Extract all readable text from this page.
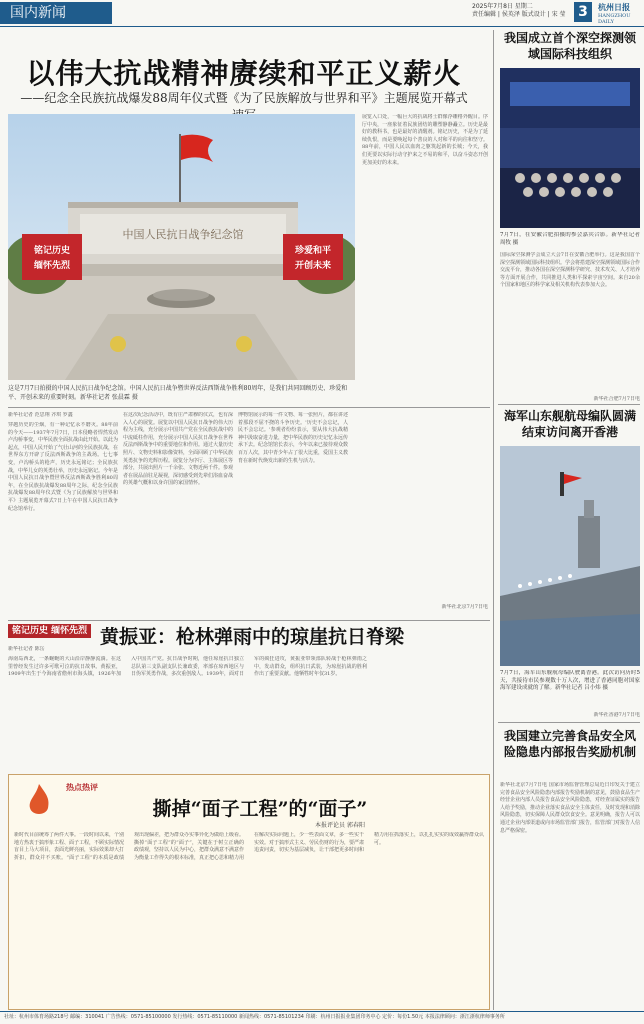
国内新闻	2025年7月8日 星期二
责任编辑 | 侯英泽 版式设计 | 宋 莹 3	杭州日报
HANGZHOU DAILY
以伟大抗战精神赓续和平正义薪火
——纪念全民族抗战爆发88周年仪式暨《为了民族解放与世界和平》主题展览开幕式
中国人民抗日战争纪念馆
铭记历史
缅怀先烈
珍爱和平
开创未来
这是7月7日拍摄的中国人民抗日战争纪念馆。中国人民抗日战争暨世界反法西斯战争胜利80周年，是我们共同回顾历史、珍爱和平、开创未来的重要时刻。新华社记者 张晨霖 摄
新华社记者 范思翔 齐琪 罗鑫
穿越历史的尘烟，有一种记忆永不磨灭。88年前的今天——1937年7月7日，日本侵略者悍然发动卢沟桥事变，中华民族全面抗战由此开始。以此为起点，中国人民开始了气壮山河的全民族抗战，在世界东方开辟了反法西斯战争的主战场。七七事变，卢沟桥头的枪声，历史永远铭记；全民族抗战，中华儿女的英勇壮举，历史永远铭记。今年是中国人民抗日战争暨世界反法西斯战争胜利80周年，在全民族抗战爆发88周年之际，纪念全民族抗战爆发88周年仪式暨《为了民族解放与世界和平》主题展览开幕式7日上午在中国人民抗日战争纪念馆举行。
在这次纪念活动中，既有庄严肃穆的仪式，也有深入人心的展览。展览以中国人民抗日战争的伟大历程为主线，充分展示中国共产党在全民族抗战中的中流砥柱作用，充分展示中国人民抗日战争在世界反法西斯战争中的重要地位和作用。通过大量历史照片、文物史料和影像资料，全面回顾了中华民族英勇抗争的光辉历程。展览分为序厅、主体展区等部分，共展出照片一千余张、文物近两千件。参观者在展品前驻足凝视，深切感受到先辈们浴血奋战的英雄气概和以身许国的家国情怀。
博物馆展示的每一件文物、每一张照片，都在讲述着那段不屈不挠的斗争历史。'历史不会忘记，人民不会忘记。'参观者纷纷表示，要从伟大抗战精神中汲取奋进力量，把中华民族的历史记忆永远传承下去。纪念馆馆长表示，今年以来已接待观众数百万人次，其中青少年占了很大比重，爱国主义教育在新时代焕发出新的生机与活力。
展览入口处，一幅巨大的抗战将士群像浮雕格外醒目。序厅中央，一座象征着民族团结的雕塑静静矗立。历史是最好的教科书，也是最好的清醒剂。铭记历史，不是为了延续仇恨，而是要唤起每个善良的人对和平的向往和坚守。88年前，中国人民以血肉之躯筑起新的长城；今天，我们更要以实际行动守护来之不易的和平，以奋斗姿态开创更加美好的未来。
新华社北京7月7日电
我国成立首个深空探测领域国际科技组织
7月7日，在安徽合肥拍摄的参会嘉宾合影。新华社记者 周牧 摄
国际深空探测学会成立大会7日在安徽合肥举行。这是我国首个深空探测领域国际科技组织。学会将搭建深空探测领域国际合作交流平台，推动各国在深空探测科学研究、技术攻关、人才培养等方面开展合作，共同推进人类和平探索宇宙空间。来自20余个国家和地区的科学家及相关机构代表参加大会。
新华社合肥7月7日电
海军山东舰航母编队圆满结束访问离开香港
7月7日，海军山东舰航母编队驶离香港。此次访问历时5天，共接待市民参观数十万人次，增进了香港同胞对国家海军建设成就的了解。新华社记者 吕小炜 摄
新华社香港7月7日电
我国建立完善食品安全风险隐患内部报告奖励机制
新华社北京7月7日电 国家市场监督管理总局近日印发关于建立完善食品安全风险隐患内部报告奖励机制的意见，鼓励食品生产经营企业内部人员报告食品安全风险隐患，对经查证属实的报告人给予奖励，推动企业落实食品安全主体责任，及时发现和消除风险隐患，切实保障人民群众饮食安全。意见明确，报告人可以通过企业内部渠道或向市场监管部门报告，监管部门对报告人信息严格保密。
铭记历史 缅怀先烈 黄振亚：枪林弹雨中的琼崖抗日脊梁
新华社记者 陈岳
海南岛西北，一条蜿蜒的大山沿岸静静流淌。在这里曾经发生过许多可歌可泣的抗日故事。黄振亚，1909年出生于今海南省儋州市海头镇，1926年加入中国共产党。抗日战争时期，他任琼崖抗日独立总队第三支队副支队长兼政委，率部在琼西地区与日伪军英勇作战，多次重创敌人。1939年，面对日军的疯狂进攻，黄振亚带领部队转战于枪林弹雨之中，发动群众，组织抗日武装，为琼崖抗战的胜利作出了重要贡献。他牺牲时年仅31岁。
热点热评
撕掉“面子工程”的“面子”
本报评论员 郭春阳
新时代目前统筹了两件大事。一段时间以来，个别地方热衷于搞形象工程、面子工程，不顾实际情况盲目上马大项目，表面光鲜亮丽，实际效果却大打折扣，群众并不买账。“面子工程”的本质是政绩观出现偏差，把为群众办实事异化为做给上级看。撕掉“面子工程”的“面子”，关键在于树立正确的政绩观，坚持以人民为中心，把群众满意不满意作为衡量工作得失的根本标准，真正把心思和精力用在解决实际问题上，少一些表面文章，多一些实干实效。对于搞形式主义、劳民伤财的行为，要严肃追责问责，切实为基层减负，让干部把更多时间和精力用在抓落实上，以扎扎实实的成效赢得群众认可。
社址：杭州市体育场路218号 邮编：310041 广告热线：0571-85100000 发行热线：0571-85110000 新闻热线：0571-85101234 印刷：杭州日报报业集团印务中心 定价：每份1.50元 本报法律顾问：浙江浙杭律师事务所
